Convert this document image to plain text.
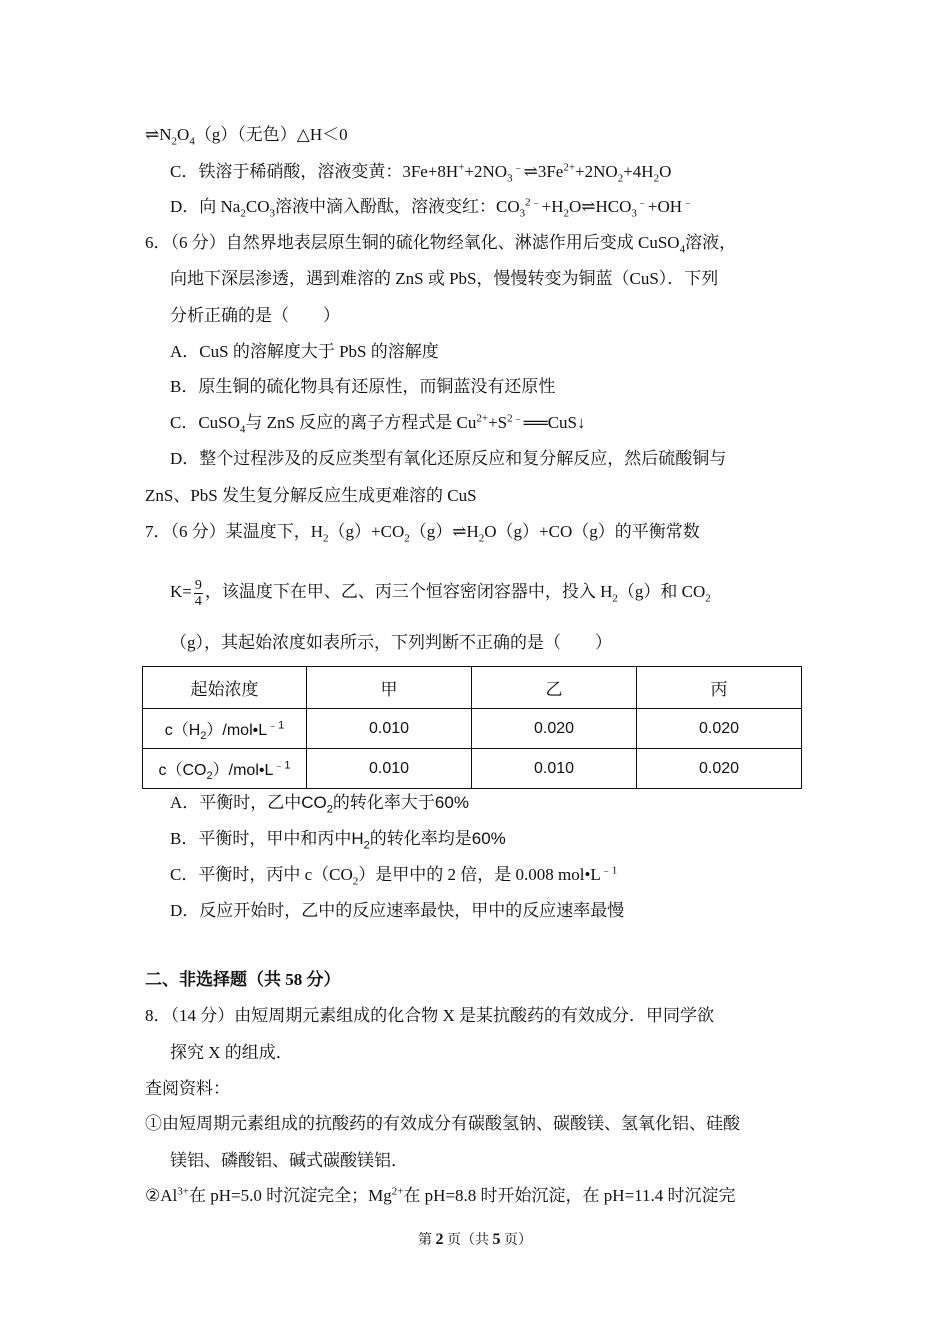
$\rightleftharpoons N_2O_4(g)$（无色）△H＜0
C．铁溶于稀硝酸，溶液变黄：$3Fe+8H^++2NO_3^﹣\rightleftharpoons 3Fe^{2+}+2NO_2+4H_2O$
D．向 $Na_2CO_3$溶液中滴入酚酞，溶液变红：$CO_3^{2﹣}+H_2O\rightleftharpoons HCO_3^﹣+OH^﹣$
6．（6 分）自然界地表层原生铜的硫化物经氧化、淋滤作用后变成 CuSO$_4$溶液，
向地下深层渗透，遇到难溶的 ZnS 或 PbS，慢慢转变为铜蓝（CuS）．下列
分析正确的是（　　）
A．CuS 的溶解度大于 PbS 的溶解度
B．原生铜的硫化物具有还原性，而铜蓝没有还原性
C．CuSO$_4$与 ZnS 反应的离子方程式是 $Cu^{2+}+S^{2﹣}══CuS↓$
D．整个过程涉及的反应类型有氧化还原反应和复分解反应，然后硫酸铜与
ZnS、PbS 发生复分解反应生成更难溶的 CuS
7．（6 分）某温度下，$H_2(g)+CO_2(g)\rightleftharpoons H_2O(g)+CO(g)$的平衡常数
$K= \frac{9}{4}$ ，该温度下在甲、乙、丙三个恒容密闭容器中，投入 $H_2(g)$和 $CO_2$
（g），其起始浓度如表所示，下列判断不正确的是（　　）
起始浓度	甲	乙	丙
$c(H_2)/mol•L^{﹣1}$	0.010	0.020	0.020
$c(CO_2)/mol•L^{﹣1}$	0.010	0.010	0.020
A．平衡时，乙中$CO_2$的转化率大于60%
B．平衡时，甲中和丙中$H_2$的转化率均是60%
C．平衡时，丙中 $c(CO_2)$是甲中的 2 倍，是 0.008 $mol•L^{﹣1}$
D．反应开始时，乙中的反应速率最快，甲中的反应速率最慢
二、非选择题（共 58 分）
8．（14 分）由短周期元素组成的化合物 X 是某抗酸药的有效成分．甲同学欲
探究 X 的组成．
查阅资料：
①由短周期元素组成的抗酸药的有效成分有碳酸氢钠、碳酸镁、氢氧化铝、硅酸
镁铝、磷酸铝、碱式碳酸镁铝．
$②Al^{3+}$在 pH=5.0 时沉淀完全；$Mg^{2+}$在 pH=8.8 时开始沉淀，在 pH=11.4 时沉淀完
第 2 页（共 5 页）
